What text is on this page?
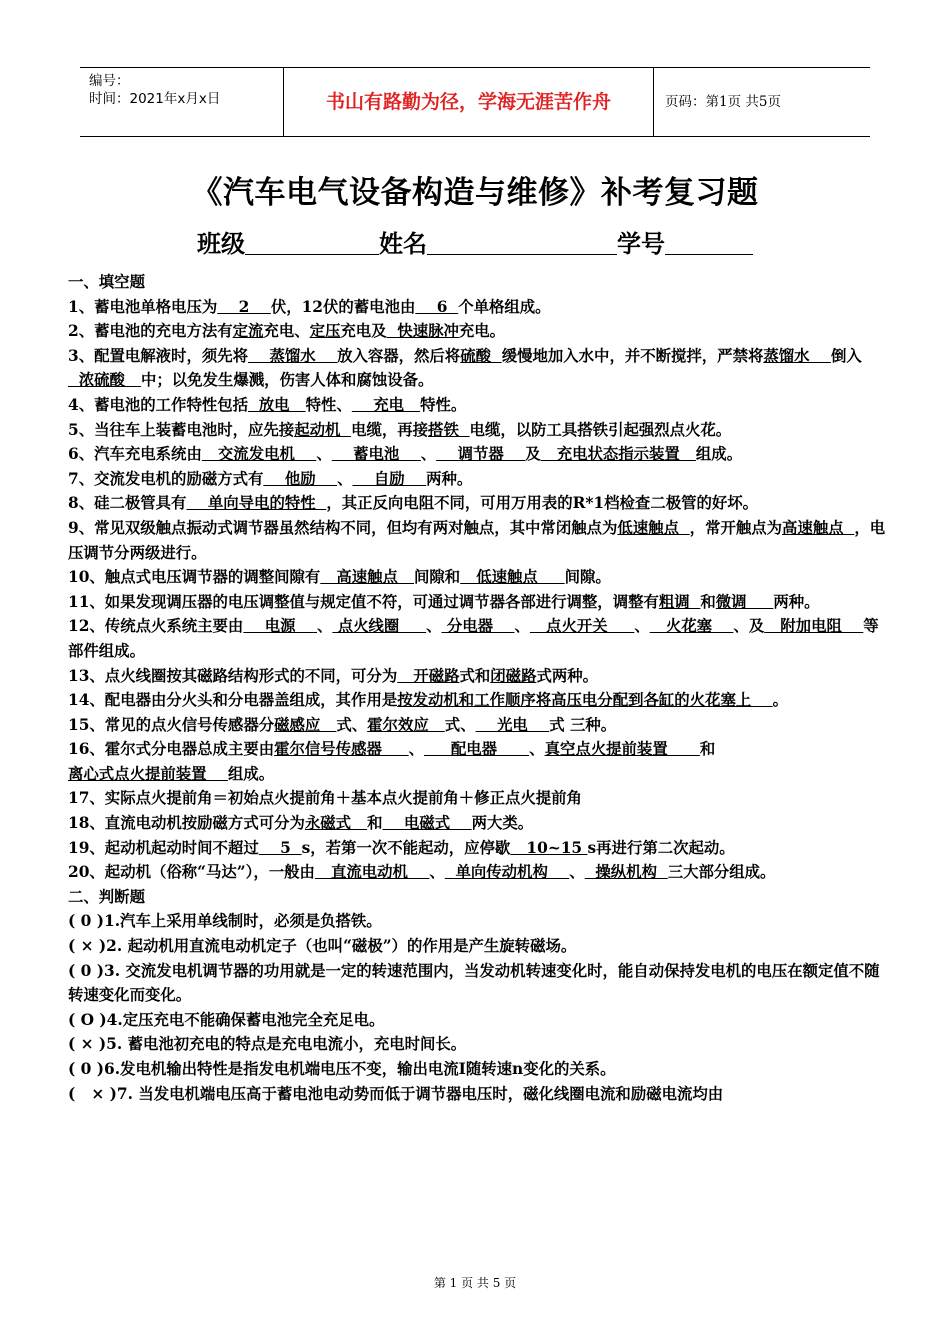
编号：
时间：2021年x月x日	书山有路勤为径，学海无涯苦作舟	页码：第1页 共5页
《汽车电气设备构造与维修》补考复习题
班级	姓名	学号

一、填空题

1、蓄电池单格电压为    2    伏，12伏的蓄电池由    6  个单格组成。

2、蓄电池的充电方法有定流充电、定压充电及  快速脉冲充电。

3、配置电解液时，须先将    蒸馏水    放入容器，然后将硫酸  缓慢地加入水中，并不断搅拌，严禁将蒸馏水    倒入  浓硫酸   中；以免发生爆溅，伤害人体和腐蚀设备。

4、蓄电池的工作特性包括  放电   特性、    充电   特性。

5、当往车上装蓄电池时，应先接起动机  电缆，再接搭铁  电缆，以防工具搭铁引起强烈点火花。

6、汽车充电系统由   交流发电机    、    蓄电池    、    调节器    及   充电状态指示装置   组成。

7、交流发电机的励磁方式有    他励    、    自励    两种。

8、硅二极管具有    单向导电的特性  ，其正反向电阻不同，可用万用表的R*1档检查二极管的好坏。

9、常见双级触点振动式调节器虽然结构不同，但均有两对触点，其中常闭触点为低速触点  ，常开触点为高速触点  ，电压调节分两级进行。

10、触点式电压调节器的调整间隙有   高速触点   间隙和   低速触点     间隙。

11、如果发现调压器的电压调整值与规定值不符，可通过调节器各部进行调整，调整有粗调  和微调     两种。

12、传统点火系统主要由    电源    、 点火线圈     、 分电器    、   点火开关     、   火花塞    、及   附加电阻    等部件组成。

13、点火线圈按其磁路结构形式的不同，可分为   开磁路式和闭磁路式两种。

14、配电器由分火头和分电器盖组成，其作用是按发动机和工作顺序将高压电分配到各缸的火花塞上    。

15、常见的点火信号传感器分磁感应   式、霍尔效应   式、    光电    式 三种。

16、霍尔式分电器总成主要由霍尔信号传感器     、     配电器      、真空点火提前装置      和离心式点火提前装置    组成。

17、实际点火提前角＝初始点火提前角＋基本点火提前角＋修正点火提前角

18、直流电动机按励磁方式可分为永磁式   和    电磁式    两大类。

19、起动机起动时间不超过    5  s，若第一次不能起动，应停歇   10~15 s再进行第二次起动。

20、起动机（俗称“马达”），一般由   直流电动机    、  单向传动机构    、  操纵机构  三大部分组成。

二、判断题

( 0 )1.汽车上采用单线制时，必须是负搭铁。

( × )2. 起动机用直流电动机定子（也叫“磁极”）的作用是产生旋转磁场。

( 0 )3. 交流发电机调节器的功用就是一定的转速范围内，当发动机转速变化时，能自动保持发电机的电压在额定值不随转速变化而变化。

( O )4.定压充电不能确保蓄电池完全充足电。

( × )5. 蓄电池初充电的特点是充电电流小，充电时间长。

( 0 )6.发电机输出特性是指发电机端电压不变，输出电流I随转速n变化的关系。

(   × )7. 当发电机端电压高于蓄电池电动势而低于调节器电压时，磁化线圈电流和励磁电流均由

第 1 页 共 5 页
